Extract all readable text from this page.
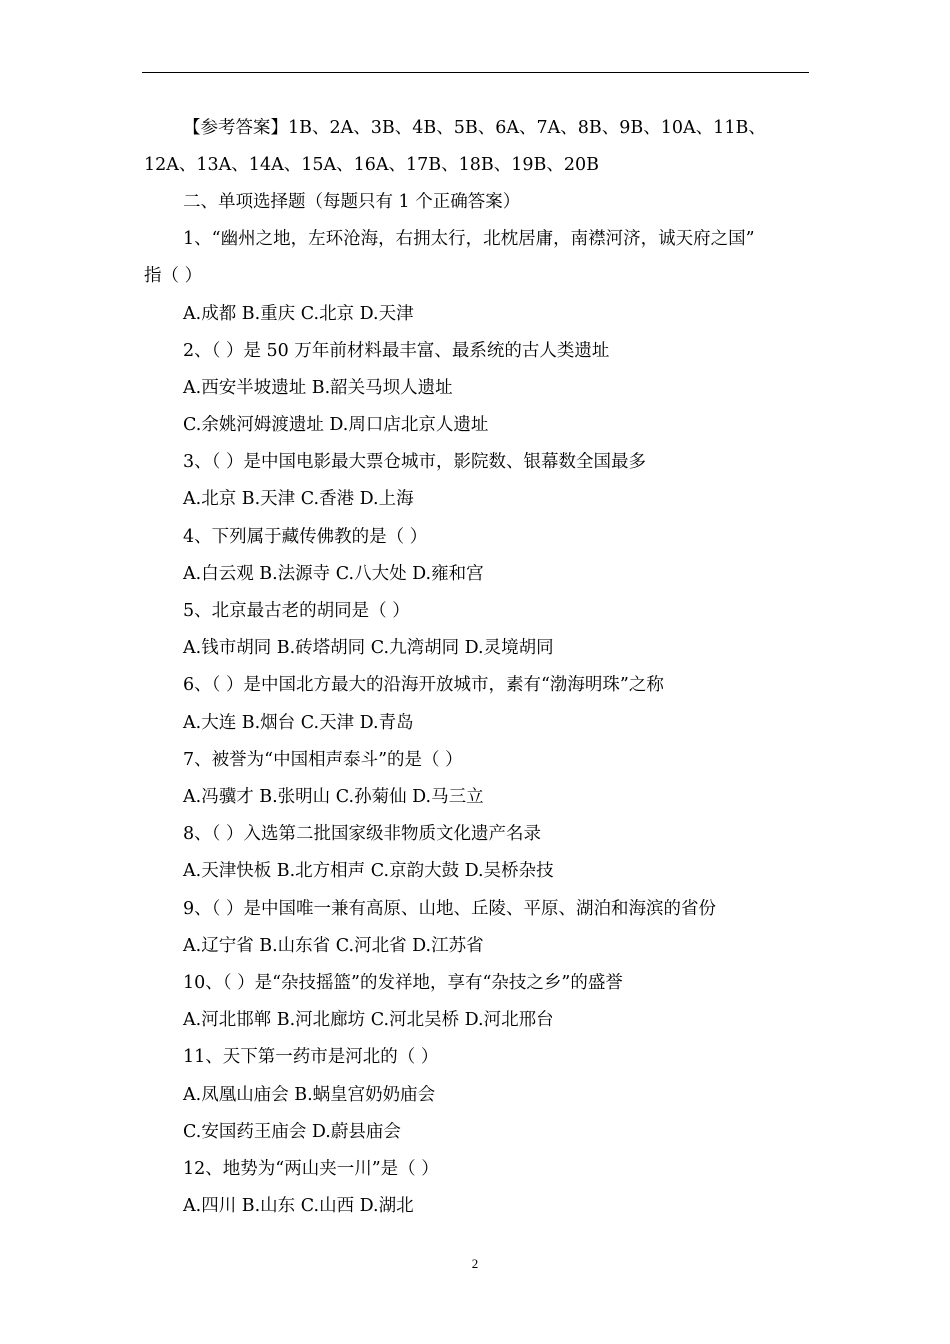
【参考答案】1B、2A、3B、4B、5B、6A、7A、8B、9B、10A、11B、
12A、13A、14A、15A、16A、17B、18B、19B、20B
二、单项选择题（每题只有 1 个正确答案）
1、“幽州之地，左环沧海，右拥太行，北枕居庸，南襟河济，诚天府之国”
指（ ）
A.成都 B.重庆 C.北京 D.天津
2、（ ）是 50 万年前材料最丰富、最系统的古人类遗址
A.西安半坡遗址 B.韶关马坝人遗址
C.余姚河姆渡遗址 D.周口店北京人遗址
3、（ ）是中国电影最大票仓城市，影院数、银幕数全国最多
A.北京 B.天津 C.香港 D.上海
4、下列属于藏传佛教的是（ ）
A.白云观 B.法源寺 C.八大处 D.雍和宫
5、北京最古老的胡同是（ ）
A.钱市胡同 B.砖塔胡同 C.九湾胡同 D.灵境胡同
6、（ ）是中国北方最大的沿海开放城市，素有“渤海明珠”之称
A.大连 B.烟台 C.天津 D.青岛
7、被誉为“中国相声泰斗”的是（ ）
A.冯骥才 B.张明山 C.孙菊仙 D.马三立
8、（ ）入选第二批国家级非物质文化遗产名录
A.天津快板 B.北方相声 C.京韵大鼓 D.吴桥杂技
9、（ ）是中国唯一兼有高原、山地、丘陵、平原、湖泊和海滨的省份
A.辽宁省 B.山东省 C.河北省 D.江苏省
10、（ ）是“杂技摇篮”的发祥地，享有“杂技之乡”的盛誉
A.河北邯郸 B.河北廊坊 C.河北吴桥 D.河北邢台
11、天下第一药市是河北的（ ）
A.凤凰山庙会 B.蜗皇宫奶奶庙会
C.安国药王庙会 D.蔚县庙会
12、地势为“两山夹一川”是（ ）
A.四川 B.山东 C.山西 D.湖北
2
